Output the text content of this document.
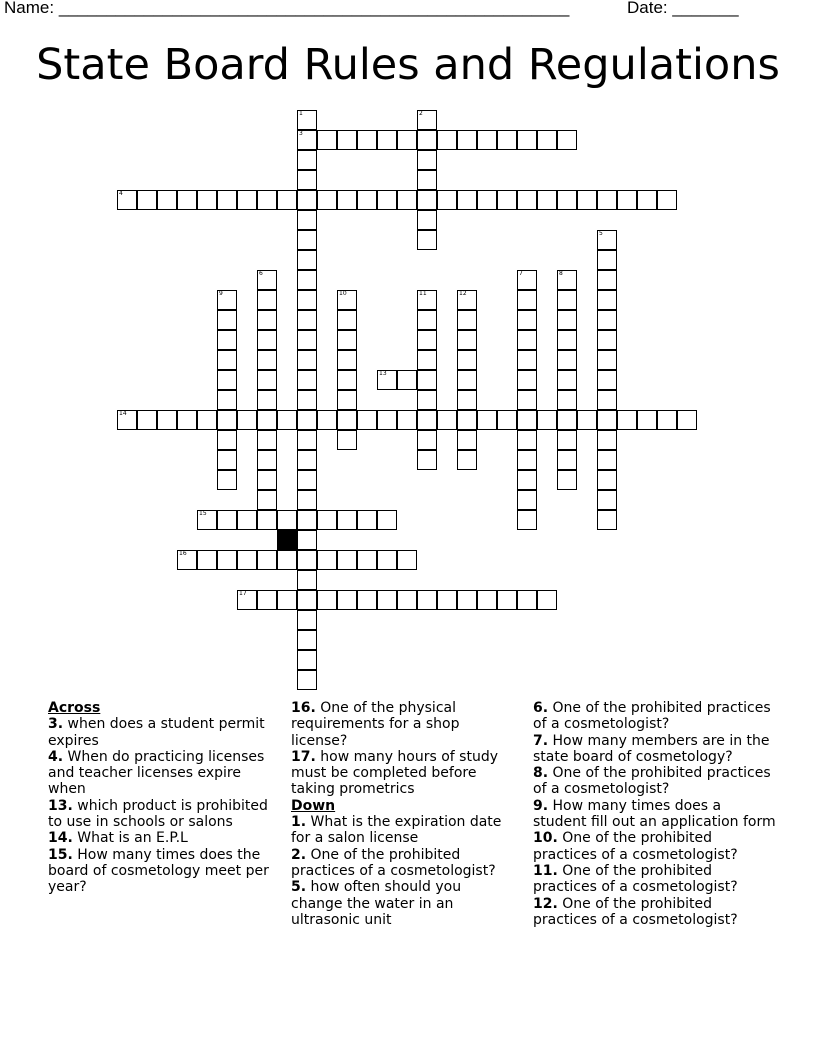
Name: ______________________________________________________	Date: _______
State Board Rules and Regulations
1	2
3
4
5
6	7	8
9	10	11	12
13
14
15
16
17
Across
3. when does a student permit expires
4. When do practicing licenses and teacher licenses expire when
13. which product is prohibited to use in schools or salons
14. What is an E.P.L
15. How many times does the board of cosmetology meet per year?
16. One of the physical requirements for a shop license?
17. how many hours of study must be completed before taking prometrics
Down
1. What is the expiration date for a salon license
2. One of the prohibited practices of a cosmetologist?
5. how often should you change the water in an ultrasonic unit
6. One of the prohibited practices of a cosmetologist?
7. How many members are in the state board of cosmetology?
8. One of the prohibited practices of a cosmetologist?
9. How many times does a student fill out an application form
10. One of the prohibited practices of a cosmetologist?
11. One of the prohibited practices of a cosmetologist?
12. One of the prohibited practices of a cosmetologist?
